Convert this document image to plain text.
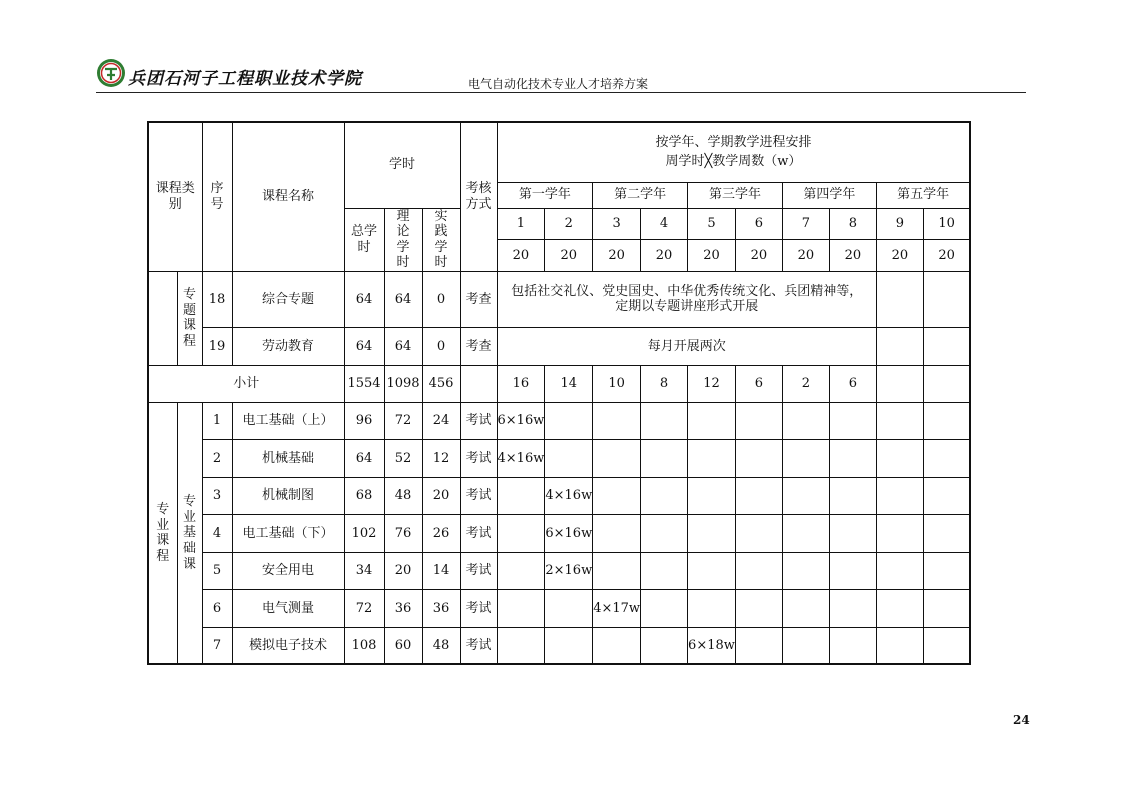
兵团石河子工程职业技术学院	电气自动化技术专业人才培养方案
课程类别		序号	课程名称	学时			考核方式	按学年、学期教学进程安排
周学时╳教学周数（w）									

								第一学年		第二学年		第三学年		第四学年		第五学年	
				总学时	理论学时	实践学时		1	2	3	4	5	6	7	8	9	10
								20	20	20	20	20	20	20	20	20	20
	专题课程	18	综合专题	64	64	0	考查	包括社交礼仪、党史国史、中华优秀传统文化、兵团精神等，
定期以专题讲座形式开展									

		19	劳动教育	64	64	0	考查	每月开展两次									
小计				1554	1098	456		16	14	10	8	12	6	2	6		
专业课程	专业基础课	1	电工基础（上）	96	72	24	考试	6×16w									
		2	机械基础	64	52	12	考试	4×16w									
		3	机械制图	68	48	20	考试		4×16w								
		4	电工基础（下）	102	76	26	考试		6×16w								
		5	安全用电	34	20	14	考试		2×16w								
		6	电气测量	72	36	36	考试			4×17w							
		7	模拟电子技术	108	60	48	考试					6×18w					
24
